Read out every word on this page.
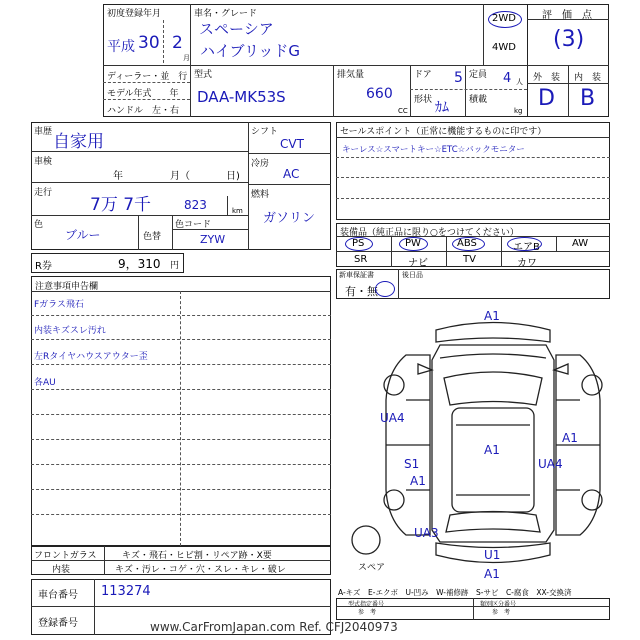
初度登録年月
平成 30 2
月
車名・グレード
スペーシア
ハイブリッドG
2WD
4WD
評　価　点
(3)
ディーラー・並　行
モデル年式　　年
ハンドル　左・右
型式
DAA-MK53S
排気量
660
CC
ドア 5 定員 4 人
形状 ｶﾑ 積載
kg
外　装 内　装
D B
車歴 自家用
車検
年	月（	日)
走行
7万 7千	823	km
色
ブルー	色替
色コード
ZYW
シフト
CVT
冷房
AC
燃料
ガソリン
R券	9，310 円
セールスポイント（正常に機能するものに印です）
キーレス☆スマートキー☆ETC☆バックモニター
装備品（純正品に限り○をつけてください）
PS	PW	ABS	エアB	AW
SR	ナビ	TV	カワ
新車保証書
有・無
後日品
注意事項申告欄
Fガラス飛石
内装キズスレ汚れ
左Rタイヤハウスアウター歪
各AU
フロントガラス	キズ・飛石・ヒビ割・リペア跡・X要
内装	キズ・汚レ・コゲ・穴・スレ・キレ・破レ
車台番号 113274
登録番号
A1
UA4
A1
A1
UA4
S1
A1
UA3
U1
A1
スペア
A-キズ　E-エクボ　U-凹み　W-補修跡　S-サビ　C-腐食　XX-交換済
型式指定番号
参　考
類別区分番号
参　考
www.CarFromJapan.com Ref. CFJ2040973
